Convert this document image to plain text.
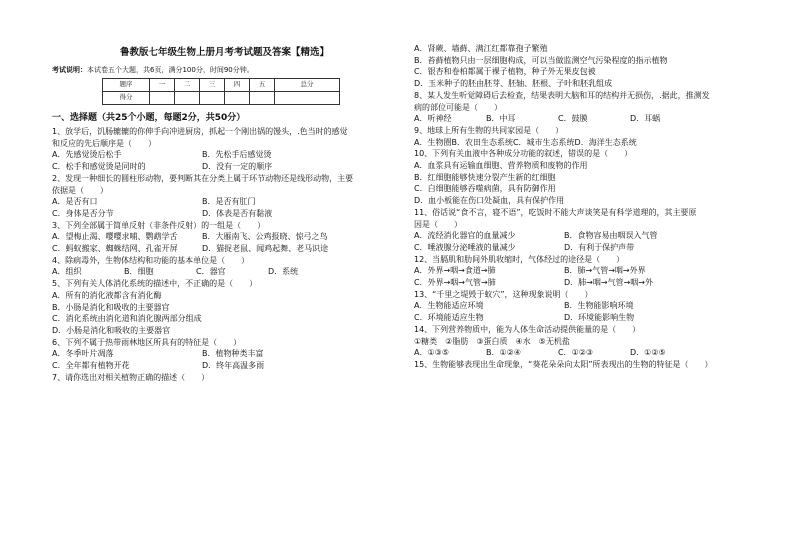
鲁教版七年级生物上册月考考试题及答案【精选】
考试说明：本试卷五个大题，共6页，满分100分，时间90分钟。
题序	一	二	三	四	五	总分
得分						
一、选择题（共25个小题，每题2分，共50分）
1、放学后，饥肠辘辘的你伸手向冲进厨房，抓起一个刚出锅的馒头，.色当时的感觉
和反应的先后顺序是（　　）
A．先感觉烫后松手	B．先松手后感觉烫
C．松手和感觉烫是同时的	D．没有一定的顺序
2、发现一种细长的圆柱形动物，要判断其在分类上属于环节动物还是线形动物，主要
依据是（　　）
A．是否有口	B．是否有肛门
C．身体是否分节	D．体表是否有黏液
3、下列全部属于简单反射（非条件反射）的一组是（　　）
A．望梅止渴、嘤嘤求哺、鹦鹉学舌	B．大雁南飞、公鸡报晓、惊弓之鸟
C．蚂蚁搬家、蜘蛛结网、孔雀开屏	D．猫捉老鼠、闻鸡起舞、老马识途
4、除病毒外，生物体结构和功能的基本单位是（　　）
A．组织	B．细胞	C．器官	D．系统
5、下列有关人体消化系统的描述中，不正确的是（　　）
A．所有的消化液都含有消化酶
B．小肠是消化和吸收的主要器官
C．消化系统由消化道和消化腺两部分组成
D．小肠是消化和吸收的主要器官
6、下列不属于热带雨林地区所具有的特征是（　　）
A．冬季叶片凋落	B．植物种类丰富
C．全年都有植物开花	D．终年高温多雨
7、请你选出对相关植物正确的描述（　　）
A．肾蕨、墙藓、满江红都靠孢子繁殖
B．苔藓植物只由一层细胞构成，可以当做监测空气污染程度的指示植物
C．银杏和卷柏都属于裸子植物，种子外无果皮包被
D．玉米种子的胚由胚芽、胚轴、胚根、子叶和胚乳组成
8、某人发生听觉障碍后去检查，结果表明大脑和耳的结构并无损伤，.据此，推测发
病的部位可能是（　　）
A．听神经	B．中耳	C．鼓膜	D．耳蜗
9、地球上所有生物的共同家园是（　　）
A．生物圈B．农田生态系统C．城市生态系统D．海洋生态系统
10、下列有关血液中各种成分功能的叙述，错误的是（　　）
A．血浆具有运输血细胞、营养物质和废物的作用
B．红细胞能够快速分裂产生新的红细胞
C．白细胞能够吞噬病菌，具有防御作用
D．血小板能在伤口处凝血，具有保护作用
11、俗话说“食不言，寝不语”，吃饭时不能大声谈笑是有科学道理的，其主要原
因是（　　）
A．流经消化器官的血量减少	B．食物容易由咽误入气管
C．唾液腺分泌唾液的量减少	D．有利于保护声带
12、当膈肌和肋间外肌收缩时，气体经过的途径是（　　）
A．外界→咽→食道→肺	B．肺→气管→咽→外界
C．外界→咽→气管→肺	D．肺→咽→气管→咽→外
13、“千里之堤毁于蚁穴”，这种现象说明（　　）
A．生物能适应环境	B．生物能影响环境
C．环境能适应生物	D．环境能影响生物
14、下列营养物质中，能为人体生命活动提供能量的是（　　）
①糖类　②脂肪　③蛋白质　④水　⑤无机盐
A．①③⑤	B．①②④	C．①②③	D．①②⑤
15、生物能够表现出生命现象，“葵花朵朵向太阳”所表现出的生物的特征是（　　）
